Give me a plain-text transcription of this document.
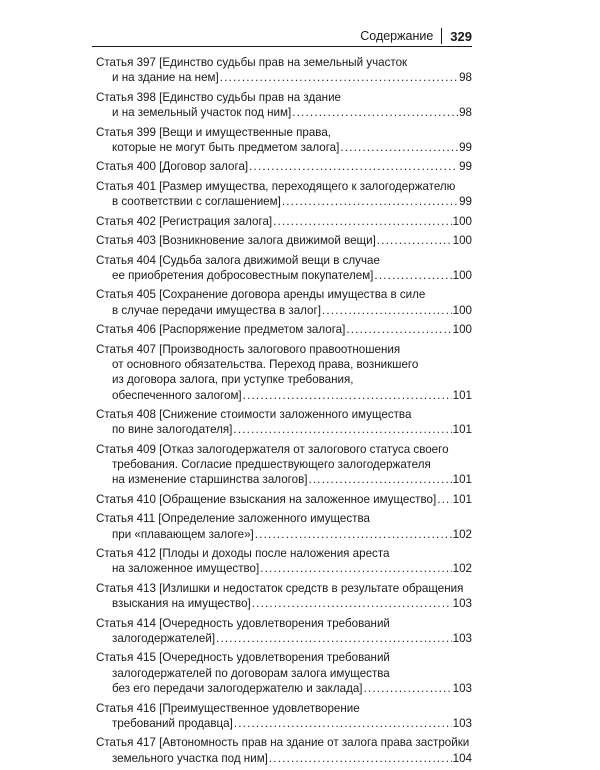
Содержание 329
Статья 397 [Единство судьбы прав на земельный участок
и на здание на нем] .....	98
Статья 398 [Единство судьбы прав на здание
и на земельный участок под ним] .....	98
Статья 399 [Вещи и имущественные права,
которые не могут быть предметом залога] .....	99
Статья 400 [Договор залога] .....	99
Статья 401 [Размер имущества, переходящего к залогодержателю
в соответствии с соглашением] .....	99
Статья 402 [Регистрация залога] .....	100
Статья 403 [Возникновение залога движимой вещи] .....	100
Статья 404 [Судьба залога движимой вещи в случае
ее приобретения добросовестным покупателем] .....	100
Статья 405 [Сохранение договора аренды имущества в силе
в случае передачи имущества в залог] .....	100
Статья 406 [Распоряжение предметом залога] .....	100
Статья 407 [Производность залогового правоотношения
от основного обязательства. Переход права, возникшего
из договора залога, при уступке требования,
обеспеченного залогом] .....	101
Статья 408 [Снижение стоимости заложенного имущества
по вине залогодателя] .....	101
Статья 409 [Отказ залогодержателя от залогового статуса своего
требования. Согласие предшествующего залогодержателя
на изменение старшинства залогов] .....	101
Статья 410 [Обращение взыскания на заложенное имущество] ..... 101
Статья 411 [Определение заложенного имущества
при «плавающем залоге»] .....	102
Статья 412 [Плоды и доходы после наложения ареста
на заложенное имущество] .....	102
Статья 413 [Излишки и недостаток средств в результате обращения
взыскания на имущество] .....	103
Статья 414 [Очередность удовлетворения требований
залогодержателей] .....	103
Статья 415 [Очередность удовлетворения требований
залогодержателей по договорам залога имущества
без его передачи залогодержателю и заклада] .....	103
Статья 416 [Преимущественное удовлетворение
требований продавца] .....	103
Статья 417 [Автономность прав на здание от залога права застройки
земельного участка под ним] .....	104
